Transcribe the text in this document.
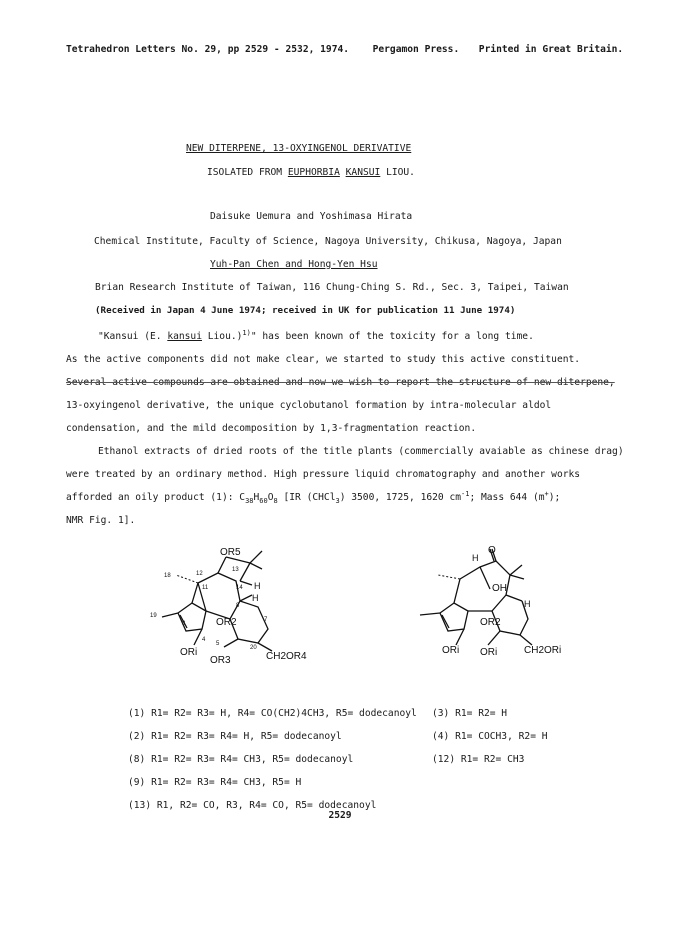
Tetrahedron Letters No. 29, pp 2529 - 2532, 1974. Pergamon Press. Printed in Great Britain.
NEW DITERPENE, 13-OXYINGENOL DERIVATIVE
ISOLATED FROM EUPHORBIA KANSUI LIOU.
Daisuke Uemura and Yoshimasa Hirata
Chemical Institute, Faculty of Science, Nagoya University, Chikusa, Nagoya, Japan
Yuh-Pan Chen and Hong-Yen Hsu
Brian Research Institute of Taiwan, 116 Chung-Ching S. Rd., Sec. 3, Taipei, Taiwan
(Received in Japan 4 June 1974; received in UK for publication 11 June 1974)
"Kansui (E. kansui Liou.)$^{1)}$" has been known of the toxicity for a long time.
As the active components did not make clear, we started to study this active constituent.
Several active compounds are obtained and now we wish to report the structure of new diterpene,
13-oxyingenol derivative, the unique cyclobutanol formation by intra-molecular aldol
condensation, and the mild decomposition by 1,3-fragmentation reaction.
Ethanol extracts of dried roots of the title plants (commercially avaiable as chinese drag)
were treated by an ordinary method. High pressure liquid chromatography and another works
afforded an oily product (1): $C_{38}H_{60}O_8$ [IR (CHCl$_3$) 3500, 1725, 1620 $cm^{-1}$; Mass 644 (m+);
NMR Fig. 1].
OR5
18	12
13
11	14 H
H
8
19
3	OR2	7
4
5
20
ORi
OR3	CH2OR4
H
O
OH
H
OR2
ORi ORi	CH2ORi
(1) R1= R2= R3= H, R4= CO(CH2)4CH3, R5= dodecanoyl
(2) R1= R2= R3= R4= H, R5= dodecanoyl
(8) R1= R2= R3= R4= CH3, R5= dodecanoyl
(9) R1= R2= R3= R4= CH3, R5= H
(13) R1, R2= CO, R3, R4= CO, R5= dodecanoyl
(3) R1= R2= H
(4) R1= COCH3, R2= H
(12) R1= R2= CH3
2529
